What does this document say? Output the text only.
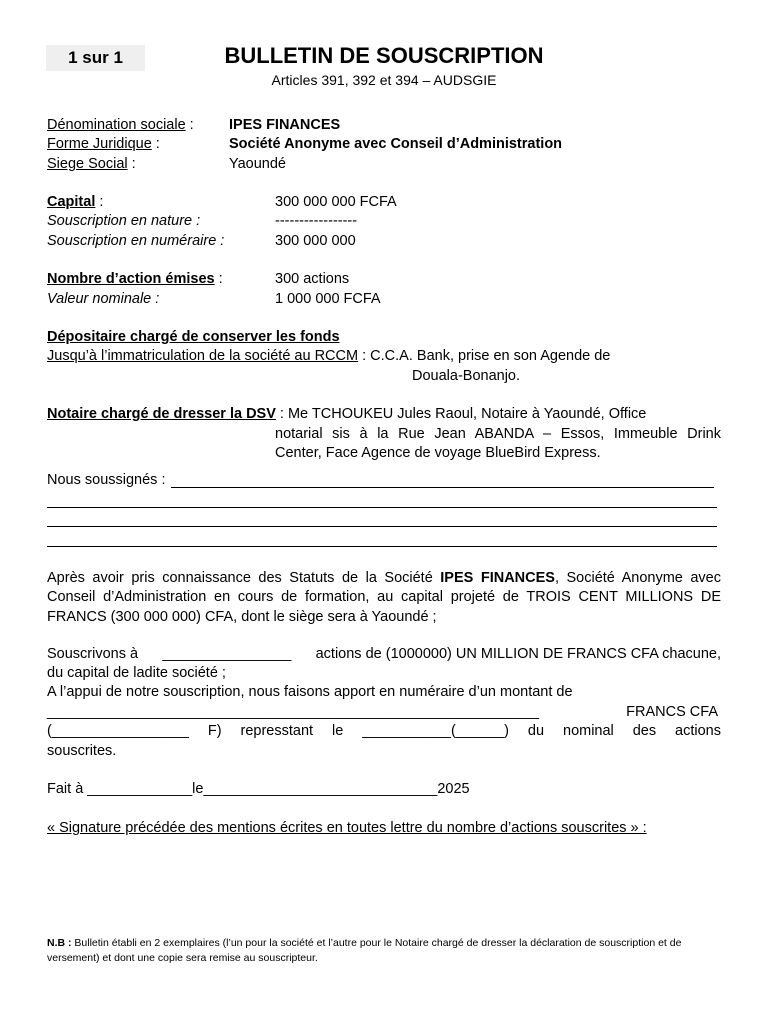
1 sur 1	BULLETIN DE SOUSCRIPTION
Articles 391, 392 et 394 – AUDSGIE
Dénomination sociale : IPES FINANCES
Forme Juridique :	Société Anonyme avec Conseil d’Administration
Siege Social :	Yaoundé
Capital :	300 000 000 FCFA
Souscription en nature :	-----------------
Souscription en numéraire :	300 000 000
Nombre d’action émises :	300 actions
Valeur nominale :	1 000 000 FCFA
Dépositaire chargé de conserver les fonds
Jusqu’à l’immatriculation de la société au RCCM : C.C.A. Bank, prise en son Agende de
Douala-Bonanjo.
Notaire chargé de dresser la DSV : Me TCHOUKEU Jules Raoul, Notaire à Yaoundé, Office
notarial sis à la Rue Jean ABANDA – Essos, Immeuble Drink
Center, Face Agence de voyage BlueBird Express.
Nous soussignés :
Après avoir pris connaissance des Statuts de la Société IPES FINANCES, Société Anonyme avec Conseil d’Administration en cours de formation, au capital projeté de TROIS CENT MILLIONS DE FRANCS (300 000 000) CFA, dont le siège sera à Yaoundé ;
Souscrivons à ________________ actions de (1000000) UN MILLION DE FRANCS CFA chacune,
du capital de ladite société ;
A l’appui de notre souscription, nous faisons apport en numéraire d’un montant de
_____________________________________________________________	FRANCS CFA
(_________________ F) represstant le ___________(______) du nominal des actions
souscrites.
Fait à _____________le_____________________________2025
« Signature précédée des mentions écrites en toutes lettre du nombre d’actions souscrites » :
N.B : Bulletin établi en 2 exemplaires (l’un pour la société et l’autre pour le Notaire chargé de dresser la déclaration de souscription et de versement) et dont une copie sera remise au souscripteur.
